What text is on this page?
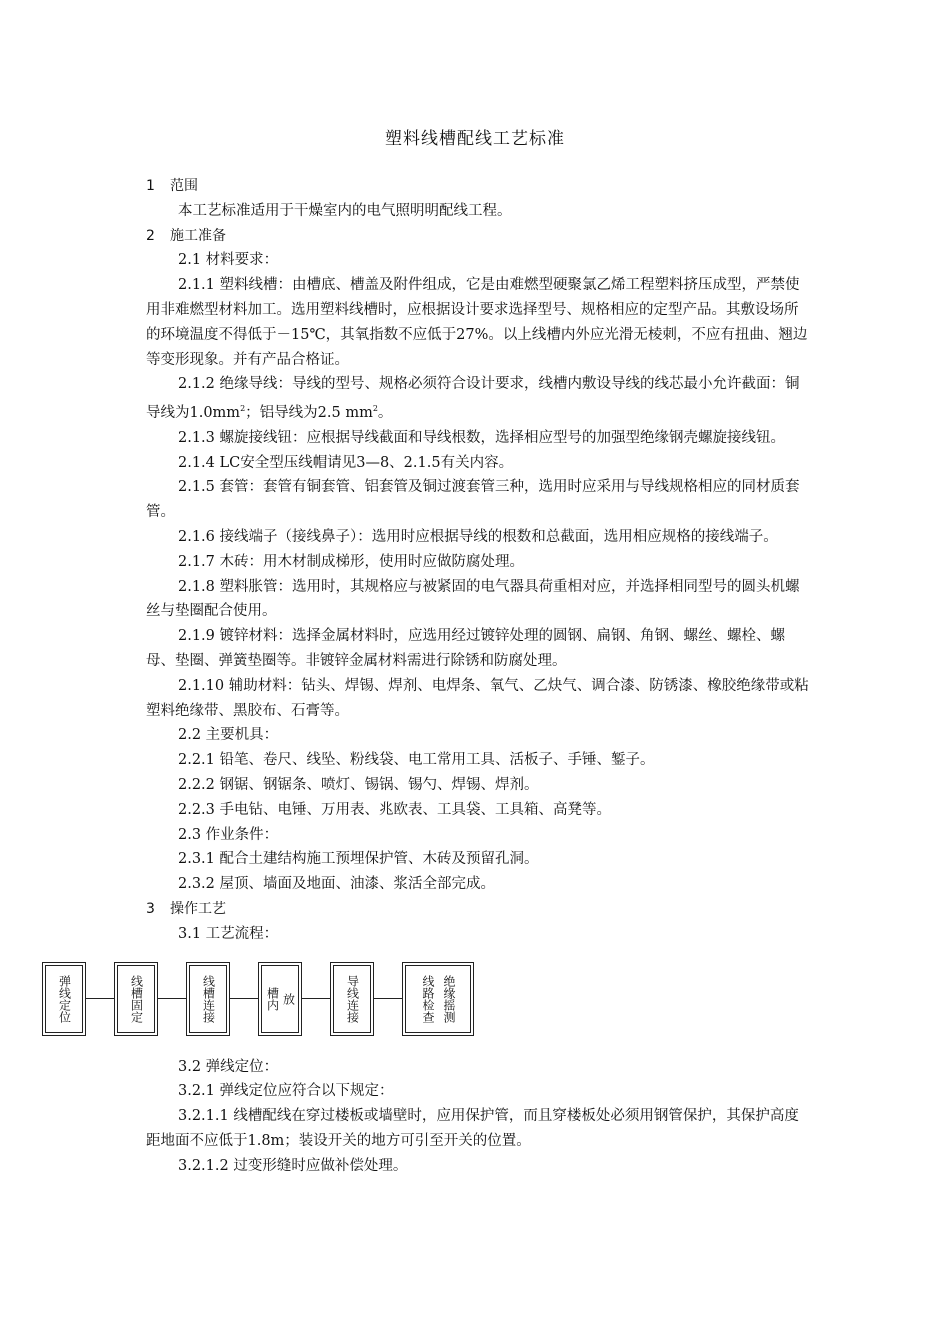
塑料线槽配线工艺标准

1 范围

本工艺标准适用于干燥室内的电气照明明配线工程。

2 施工准备

2.1 材料要求：

2.1.1 塑料线槽：由槽底、槽盖及附件组成，它是由难燃型硬聚氯乙烯工程塑料挤压成型，严禁使用非难燃型材料加工。选用塑料线槽时，应根据设计要求选择型号、规格相应的定型产品。其敷设场所的环境温度不得低于－15℃，其氧指数不应低于27%。以上线槽内外应光滑无棱刺，不应有扭曲、翘边等变形现象。并有产品合格证。

2.1.2 绝缘导线：导线的型号、规格必须符合设计要求，线槽内敷设导线的线芯最小允许截面：铜导线为$1.0mm^2$；铝导线为2.5 $mm^2$。

2.1.3 螺旋接线钮：应根据导线截面和导线根数，选择相应型号的加强型绝缘钢壳螺旋接线钮。

2.1.4 LC安全型压线帽请见3—8、2.1.5有关内容。

2.1.5 套管：套管有铜套管、铝套管及铜过渡套管三种，选用时应采用与导线规格相应的同材质套管。

2.1.6 接线端子（接线鼻子）：选用时应根据导线的根数和总截面，选用相应规格的接线端子。

2.1.7 木砖：用木材制成梯形，使用时应做防腐处理。

2.1.8 塑料胀管：选用时，其规格应与被紧固的电气器具荷重相对应，并选择相同型号的圆头机螺丝与垫圈配合使用。

2.1.9 镀锌材料：选择金属材料时，应选用经过镀锌处理的圆钢、扁钢、角钢、螺丝、螺栓、螺母、垫圈、弹簧垫圈等。非镀锌金属材料需进行除锈和防腐处理。

2.1.10 辅助材料：钻头、焊锡、焊剂、电焊条、氧气、乙炔气、调合漆、防锈漆、橡胶绝缘带或粘塑料绝缘带、黑胶布、石膏等。

2.2 主要机具：

2.2.1 铅笔、卷尺、线坠、粉线袋、电工常用工具、活板子、手锤、錾子。

2.2.2 钢锯、钢锯条、喷灯、锡锅、锡勺、焊锡、焊剂。

2.2.3 手电钻、电锤、万用表、兆欧表、工具袋、工具箱、高凳等。

2.3 作业条件：

2.3.1 配合土建结构施工预埋保护管、木砖及预留孔洞。

2.3.2 屋顶、墙面及地面、油漆、浆活全部完成。

3 操作工艺

3.1 工艺流程：

弹线定位	线槽固定	线槽连接	槽内 放	导线连接	线路检查 绝缘摇测

3.2 弹线定位：

3.2.1 弹线定位应符合以下规定：

3.2.1.1 线槽配线在穿过楼板或墙壁时，应用保护管，而且穿楼板处必须用钢管保护，其保护高度距地面不应低于1.8m；装设开关的地方可引至开关的位置。

3.2.1.2 过变形缝时应做补偿处理。
